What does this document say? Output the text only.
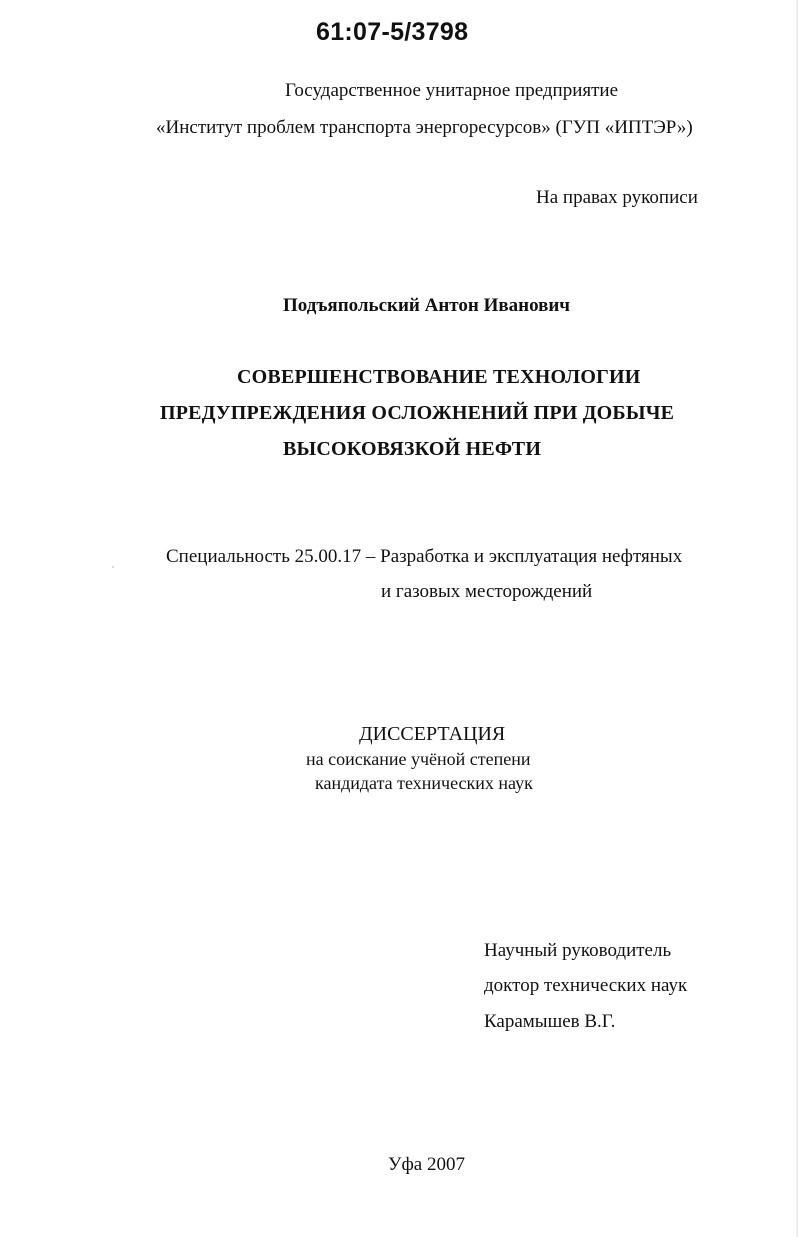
61:07-5/3798
Государственное унитарное предприятие
«Институт проблем транспорта энергоресурсов» (ГУП «ИПТЭР»)
На правах рукописи
Подъяпольский Антон Иванович
СОВЕРШЕНСТВОВАНИЕ ТЕХНОЛОГИИ
ПРЕДУПРЕЖДЕНИЯ ОСЛОЖНЕНИЙ ПРИ ДОБЫЧЕ
ВЫСОКОВЯЗКОЙ НЕФТИ
Специальность 25.00.17 – Разработка и эксплуатация нефтяных
и газовых месторождений
ДИССЕРТАЦИЯ
на соискание учёной степени
кандидата технических наук
Научный руководитель
доктор технических наук
Карамышев В.Г.
Уфа 2007
